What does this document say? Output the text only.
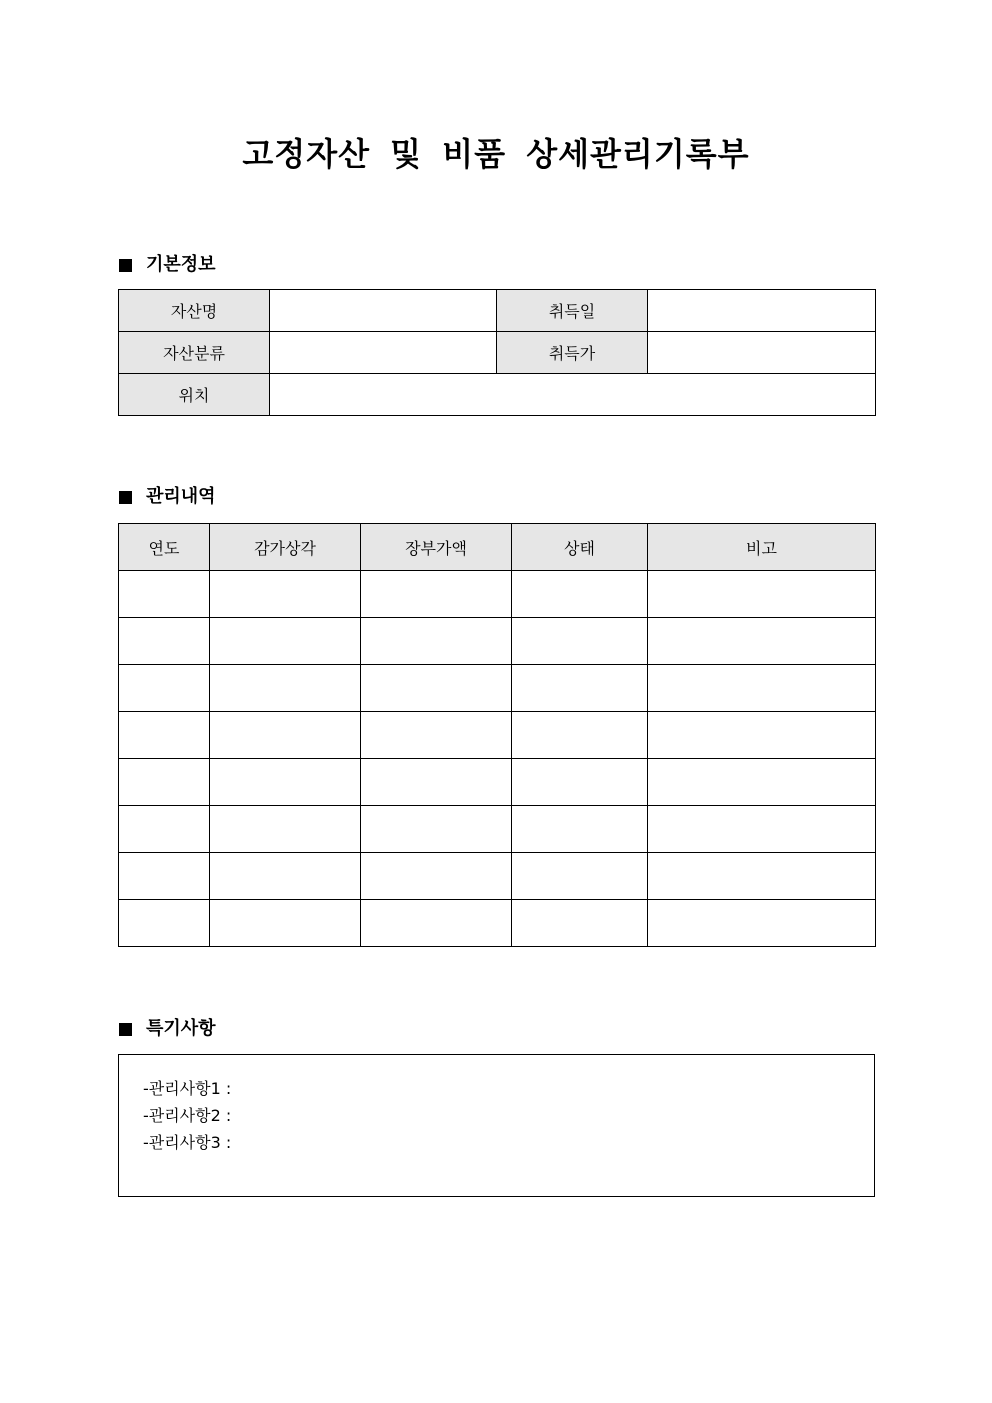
고정자산 및 비품 상세관리기록부
기본정보
자산명		취득일	
자산분류		취득가	
위치			
관리내역
연도	감가상각	장부가액	상태	비고

특기사항
-관리사항1 :
-관리사항2 :
-관리사항3 :
